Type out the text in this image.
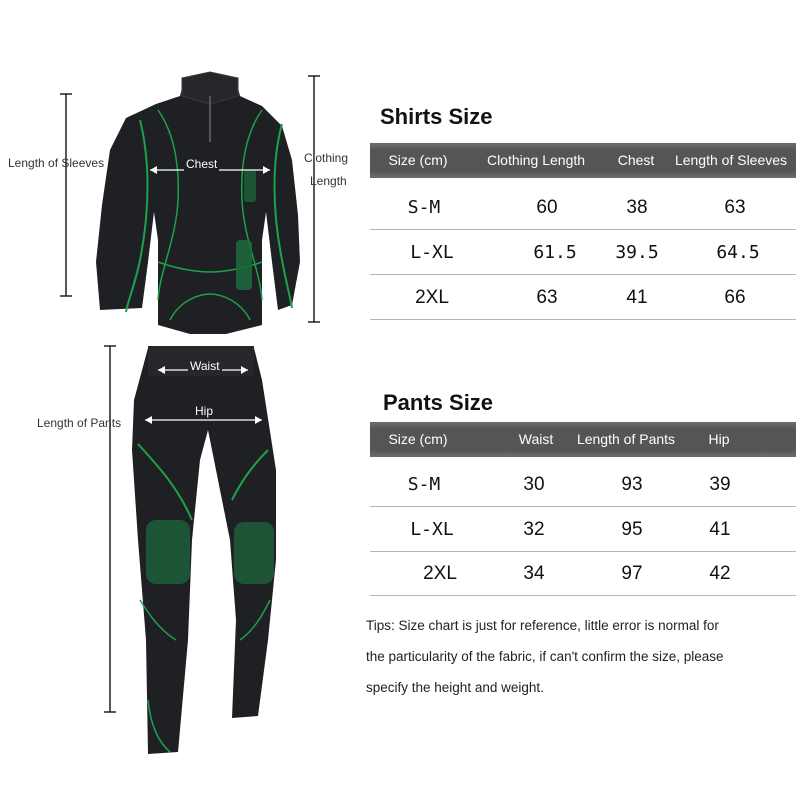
Length of Sleeves	Chest	Clothing
Length
Waist
Hip
Length of Pants
Shirts Size
Size (cm)	Clothing Length	Chest	Length of Sleeves
S-M	60	38	63
L-XL	61.5	39.5	64.5
2XL	63	41	66
Pants Size
Size (cm)	Waist	Length of Pants	Hip
S-M	30	93	39
L-XL	32	95	41
2XL	34	97	42
Tips: Size chart is just for reference, little error is normal for
the particularity of the fabric, if can't confirm the size, please
specify the height and weight.
